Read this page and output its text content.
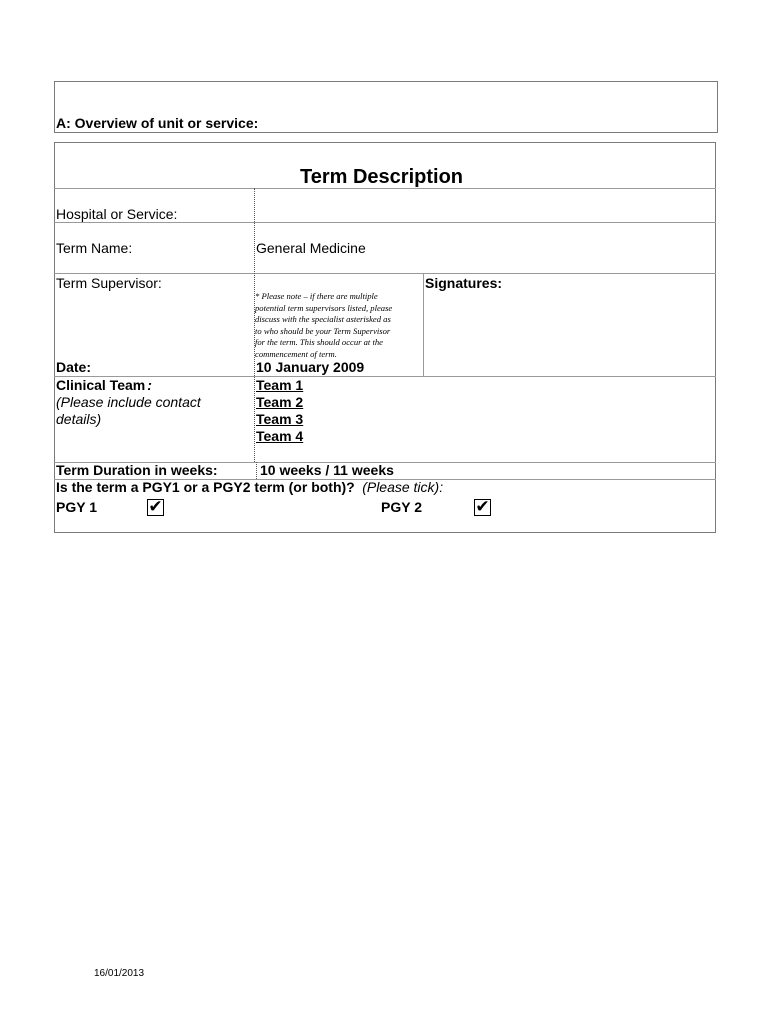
A: Overview of unit or service:
Term Description
Hospital or Service:
Term Name:	General Medicine
Term Supervisor:	Signatures:
* Please note – if there are multiple
potential term supervisors listed, please
discuss with the specialist asterisked as
to who should be your Term Supervisor
for the term. This should occur at the
commencement of term.
Date:	10 January 2009
Clinical Team :
(Please include contact
details)
Team 1
Team 2
Team 3
Team 4
Term Duration in weeks:	10 weeks / 11 weeks
Is the term a PGY1 or a PGY2 term (or both)? (Please tick):
PGY 1	✔	PGY 2	✔
16/01/2013
